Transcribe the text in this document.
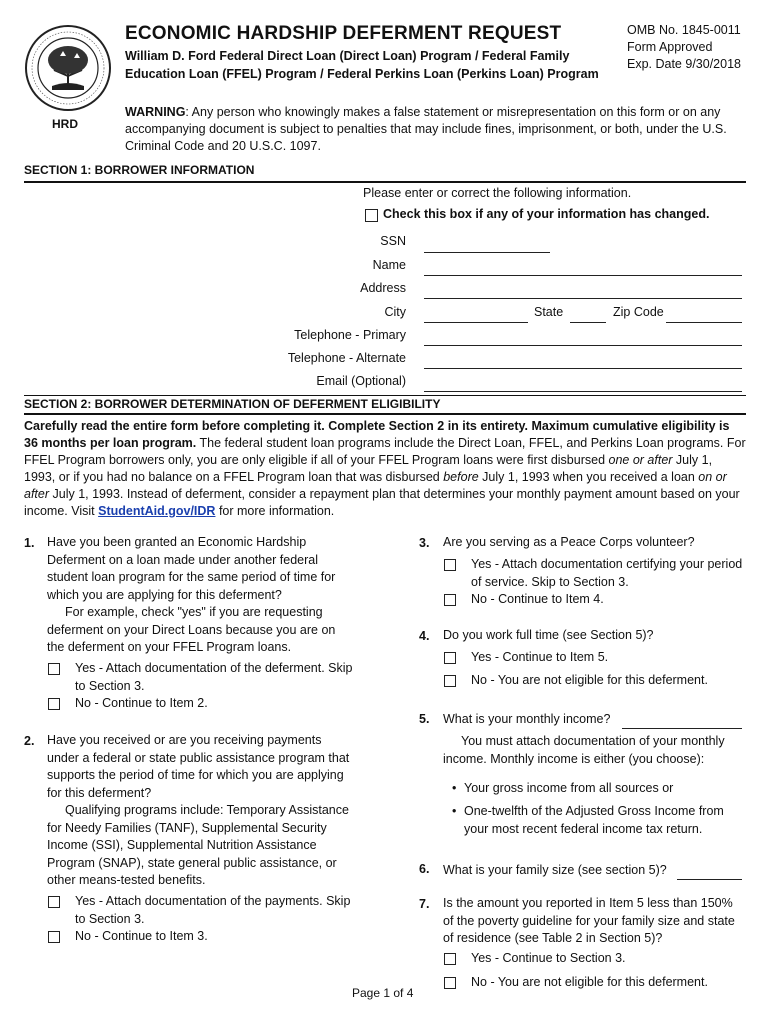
HRD
ECONOMIC HARDSHIP DEFERMENT REQUEST
William D. Ford Federal Direct Loan (Direct Loan) Program / Federal Family Education Loan (FFEL) Program / Federal Perkins Loan (Perkins Loan) Program
OMB No. 1845-0011
Form Approved
Exp. Date 9/30/2018
WARNING: Any person who knowingly makes a false statement or misrepresentation on this form or on any accompanying document is subject to penalties that may include fines, imprisonment, or both, under the U.S. Criminal Code and 20 U.S.C. 1097.
SECTION 1: BORROWER INFORMATION
Please enter or correct the following information.
Check this box if any of your information has changed.
SSN
Name
Address
City	State	Zip Code
Telephone - Primary
Telephone - Alternate
Email (Optional)
SECTION 2: BORROWER DETERMINATION OF DEFERMENT ELIGIBILITY
Carefully read the entire form before completing it. Complete Section 2 in its entirety. Maximum cumulative eligibility is 36 months per loan program. The federal student loan programs include the Direct Loan, FFEL, and Perkins Loan programs. For FFEL Program borrowers only, you are only eligible if all of your FFEL Program loans were first disbursed one or after July 1, 1993, or if you had no balance on a FFEL Program loan that was disbursed before July 1, 1993 when you received a loan on or after July 1, 1993. Instead of deferment, consider a repayment plan that determines your monthly payment amount based on your income. Visit StudentAid.gov/IDR for more information.
1. Have you been granted an Economic Hardship Deferment on a loan made under another federal student loan program for the same period of time for which you are applying for this deferment?
For example, check "yes" if you are requesting deferment on your Direct Loans because you are on the deferment on your FFEL Program loans.
Yes - Attach documentation of the deferment. Skip to Section 3.
No - Continue to Item 2.
2. Have you received or are you receiving payments under a federal or state public assistance program that supports the period of time for which you are applying for this deferment?
Qualifying programs include: Temporary Assistance for Needy Families (TANF), Supplemental Security Income (SSI), Supplemental Nutrition Assistance Program (SNAP), state general public assistance, or other means-tested benefits.
Yes - Attach documentation of the payments. Skip to Section 3.
No - Continue to Item 3.
3. Are you serving as a Peace Corps volunteer?
Yes - Attach documentation certifying your period of service. Skip to Section 3.
No - Continue to Item 4.
4. Do you work full time (see Section 5)?
Yes - Continue to Item 5.
No - You are not eligible for this deferment.
5. What is your monthly income?
You must attach documentation of your monthly income. Monthly income is either (you choose):
• Your gross income from all sources or
• One-twelfth of the Adjusted Gross Income from your most recent federal income tax return.
6. What is your family size (see section 5)?
7. Is the amount you reported in Item 5 less than 150% of the poverty guideline for your family size and state of residence (see Table 2 in Section 5)?
Yes - Continue to Section 3.
No - You are not eligible for this deferment.
Page 1 of 4
